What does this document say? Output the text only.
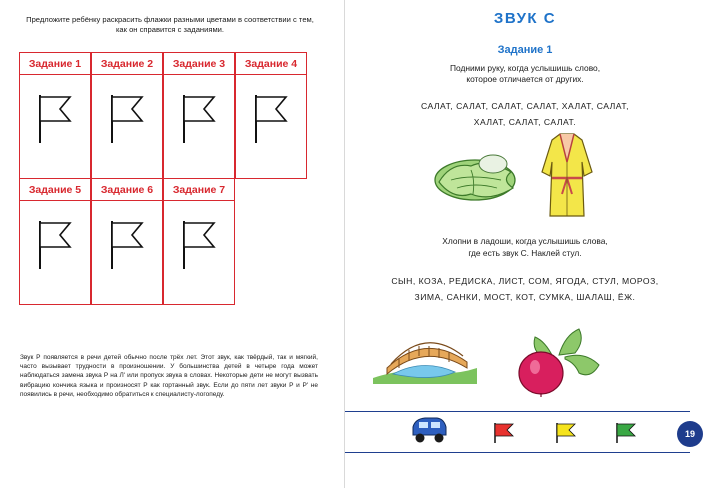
Предложите ребёнку раскрасить флажки разными цветами в соответствии с тем, как он справится с заданиями.
Задание 1	Задание 2	Задание 3	Задание 4
Задание 5	Задание 6	Задание 7
Звук Р появляется в речи детей обычно после трёх лет. Этот звук, как твёрдый, так и мягкий, часто вызывает трудности в произношении. У большинства детей в четыре года может наблюдаться замена звука Р на Л' или пропуск звука в словах. Некоторые дети не могут вызвать вибрацию кончика языка и произносят Р как гортанный звук. Если до пяти лет звуки Р и Р' не появились в речи, необходимо обратиться к специалисту-логопеду.
ЗВУК С
Задание 1
Подними руку, когда услышишь слово,
которое отличается от других.
САЛАТ, САЛАТ, САЛАТ, САЛАТ, ХАЛАТ, САЛАТ,
ХАЛАТ, САЛАТ, САЛАТ.
Хлопни в ладоши, когда услышишь слова,
где есть звук С. Наклей стул.
СЫН, КОЗА, РЕДИСКА, ЛИСТ, СОМ, ЯГОДА, СТУЛ, МОРОЗ,
ЗИМА, САНКИ, МОСТ, КОТ, СУМКА, ШАЛАШ, ЁЖ.
19
